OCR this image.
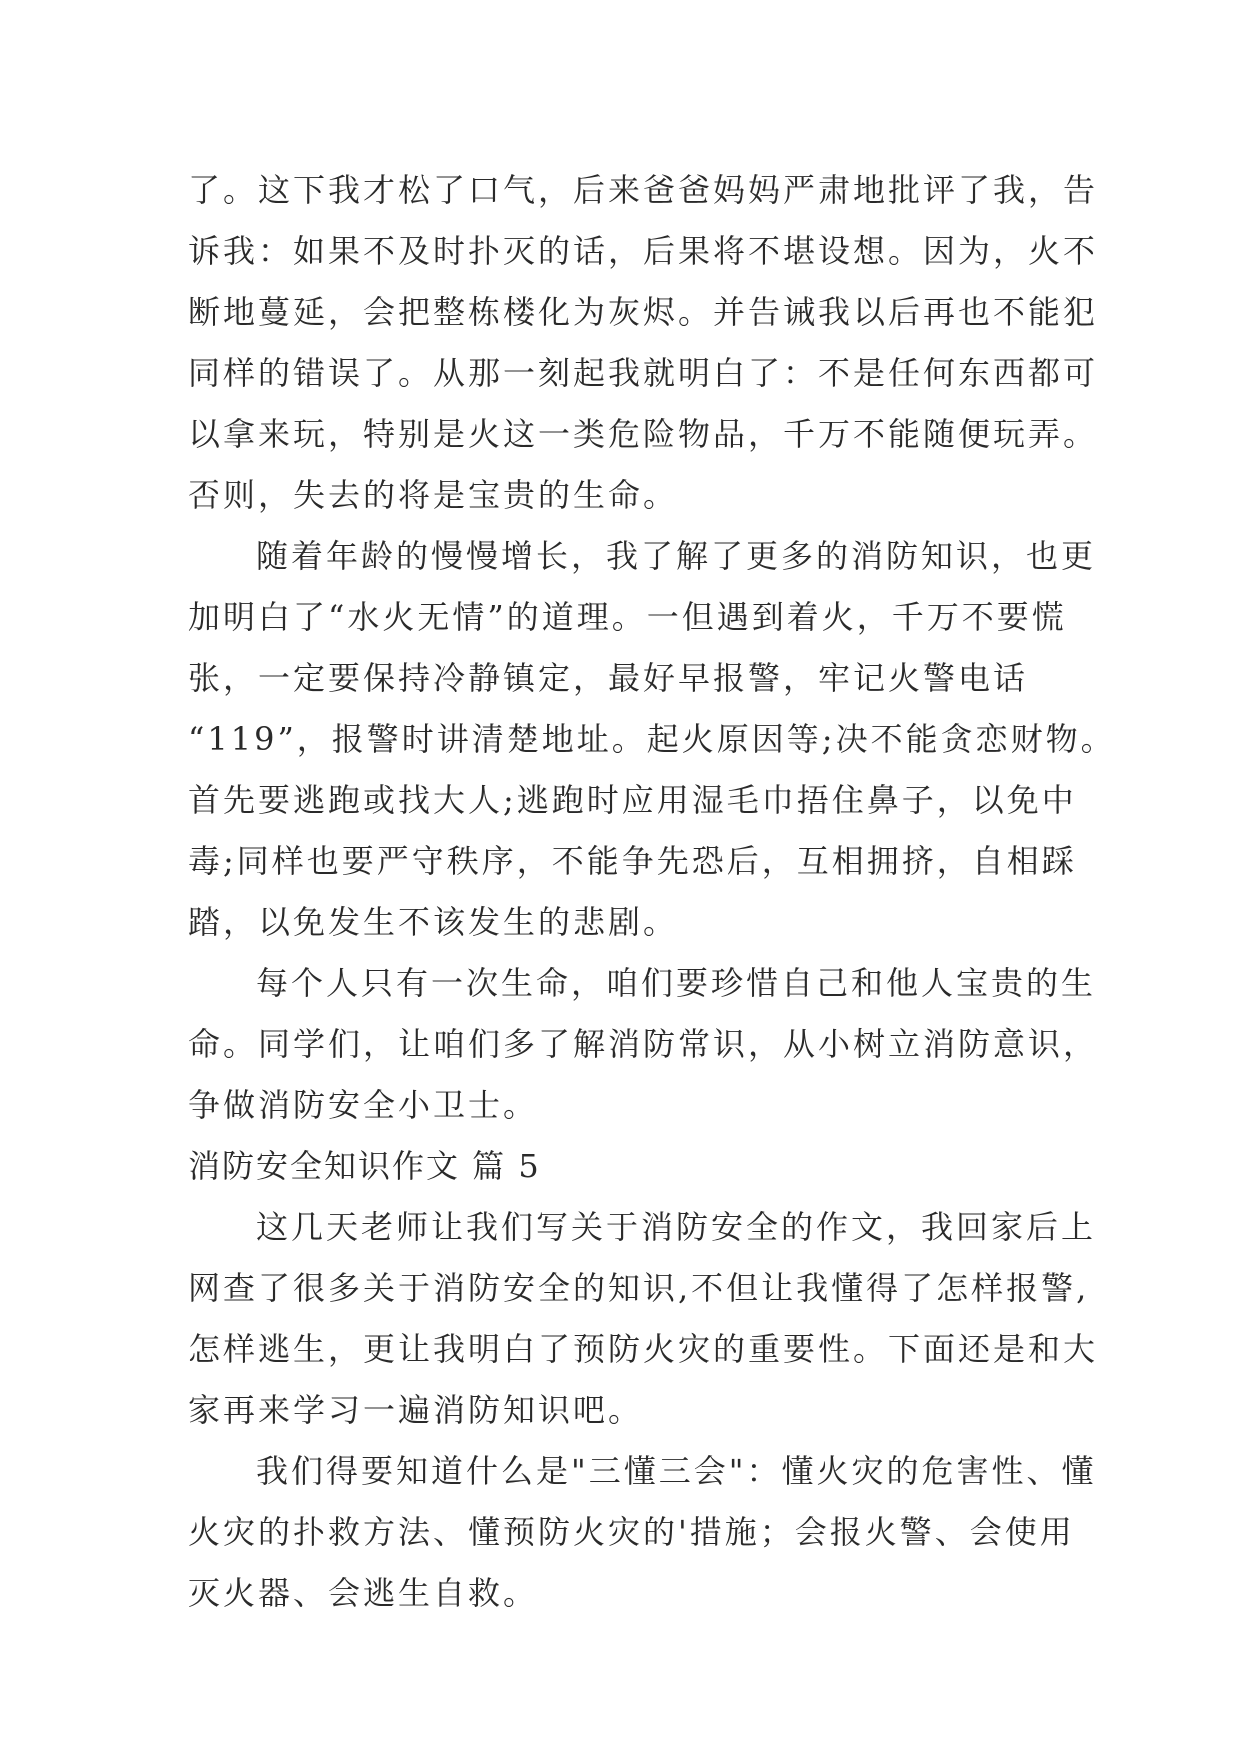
了。这下我才松了口气，后来爸爸妈妈严肃地批评了我，告
诉我：如果不及时扑灭的话，后果将不堪设想。因为，火不
断地蔓延，会把整栋楼化为灰烬。并告诫我以后再也不能犯
同样的错误了。从那一刻起我就明白了：不是任何东西都可
以拿来玩，特别是火这一类危险物品，千万不能随便玩弄。
否则，失去的将是宝贵的生命。
随着年龄的慢慢增长，我了解了更多的消防知识，也更
加明白了“水火无情”的道理。一但遇到着火，千万不要慌
张，一定要保持冷静镇定，最好早报警，牢记火警电话
“119”，报警时讲清楚地址。起火原因等;决不能贪恋财物。
首先要逃跑或找大人;逃跑时应用湿毛巾捂住鼻子，以免中
毒;同样也要严守秩序，不能争先恐后，互相拥挤，自相踩
踏，以免发生不该发生的悲剧。
每个人只有一次生命，咱们要珍惜自己和他人宝贵的生
命。同学们，让咱们多了解消防常识，从小树立消防意识，
争做消防安全小卫士。
消防安全知识作文 篇 5
这几天老师让我们写关于消防安全的作文，我回家后上
网查了很多关于消防安全的知识,不但让我懂得了怎样报警,
怎样逃生，更让我明白了预防火灾的重要性。下面还是和大
家再来学习一遍消防知识吧。
我们得要知道什么是"三懂三会"：懂火灾的危害性、懂
火灾的扑救方法、懂预防火灾的'措施；会报火警、会使用
灭火器、会逃生自救。
